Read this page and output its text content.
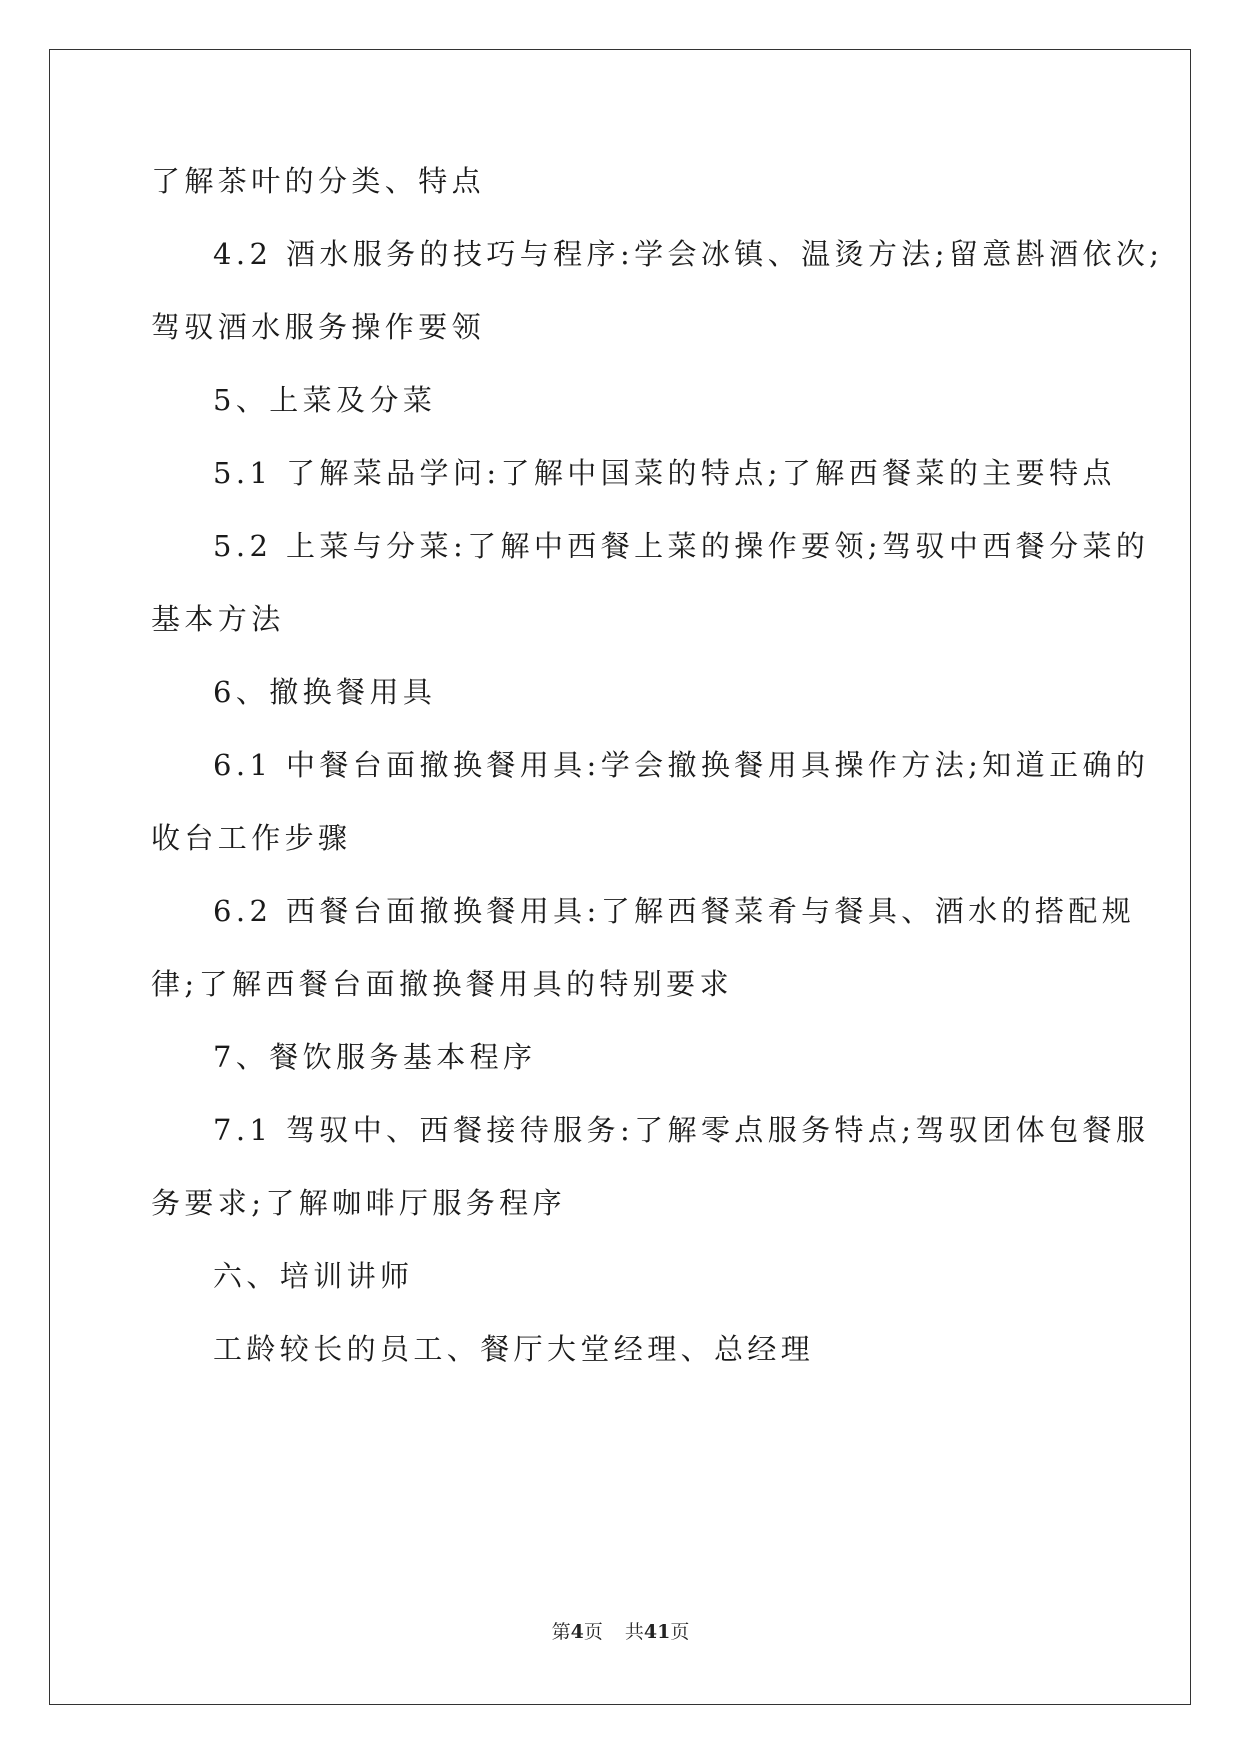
了解茶叶的分类、特点
4.2 酒水服务的技巧与程序:学会冰镇、温烫方法;留意斟酒依次;
驾驭酒水服务操作要领
5、上菜及分菜
5.1 了解菜品学问:了解中国菜的特点;了解西餐菜的主要特点
5.2 上菜与分菜:了解中西餐上菜的操作要领;驾驭中西餐分菜的
基本方法
6、撤换餐用具
6.1 中餐台面撤换餐用具:学会撤换餐用具操作方法;知道正确的
收台工作步骤
6.2 西餐台面撤换餐用具:了解西餐菜肴与餐具、酒水的搭配规
律;了解西餐台面撤换餐用具的特别要求
7、餐饮服务基本程序
7.1 驾驭中、西餐接待服务:了解零点服务特点;驾驭团体包餐服
务要求;了解咖啡厅服务程序
六、培训讲师
工龄较长的员工、餐厅大堂经理、总经理
第4页 共41页
